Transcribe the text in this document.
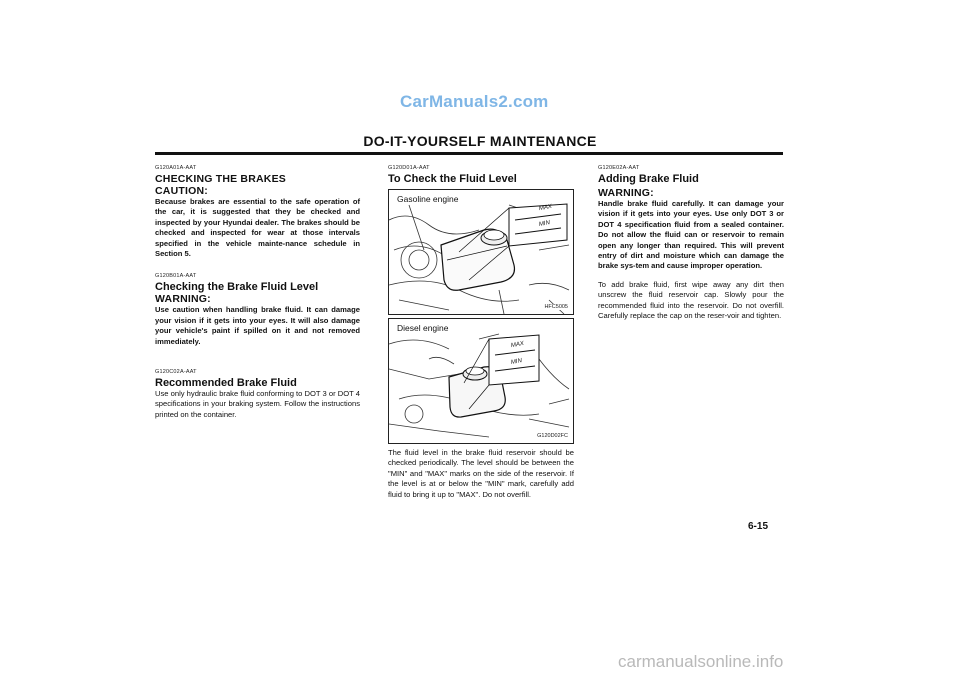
CarManuals2.com
DO-IT-YOURSELF MAINTENANCE
G120A01A-AAT
CHECKING THE BRAKES
CAUTION:
Because brakes are essential to the safe operation of the car, it is suggested that they be checked and inspected by your Hyundai dealer. The brakes should be checked and inspected for wear at those intervals specified in the vehicle mainte-nance schedule in Section 5.
G120B01A-AAT
Checking the Brake Fluid Level
WARNING:
Use caution when handling brake fluid. It can damage your vision if it gets into your eyes. It will also damage your vehicle's paint if spilled on it and not removed immediately.
G120C02A-AAT
Recommended Brake Fluid
Use only hydraulic brake fluid conforming to DOT 3 or DOT 4 specifications in your braking system. Follow the instructions printed on the container.
G120D01A-AAT
To Check the Fluid Level
MAX
MIN
Gasoline engine
HFC5005
MAX
MIN
Diesel engine
G120D02FC
The fluid level in the brake fluid reservoir should be checked periodically. The level should be between the "MIN" and "MAX" marks on the side of the reservoir. If the level is at or below the "MIN" mark, carefully add fluid to bring it up to "MAX". Do not overfill.
G120E02A-AAT
Adding Brake Fluid
WARNING:
Handle brake fluid carefully. It can damage your vision if it gets into your eyes. Use only DOT 3 or DOT 4 specification fluid from a sealed container. Do not allow the fluid can or reservoir to remain open any longer than required. This will prevent entry of dirt and moisture which can damage the brake sys-tem and cause improper operation.
To add brake fluid, first wipe away any dirt then unscrew the fluid reservoir cap. Slowly pour the recommended fluid into the reservoir. Do not overfill. Carefully replace the cap on the reser-voir and tighten.
6-15
carmanualsonline.info
